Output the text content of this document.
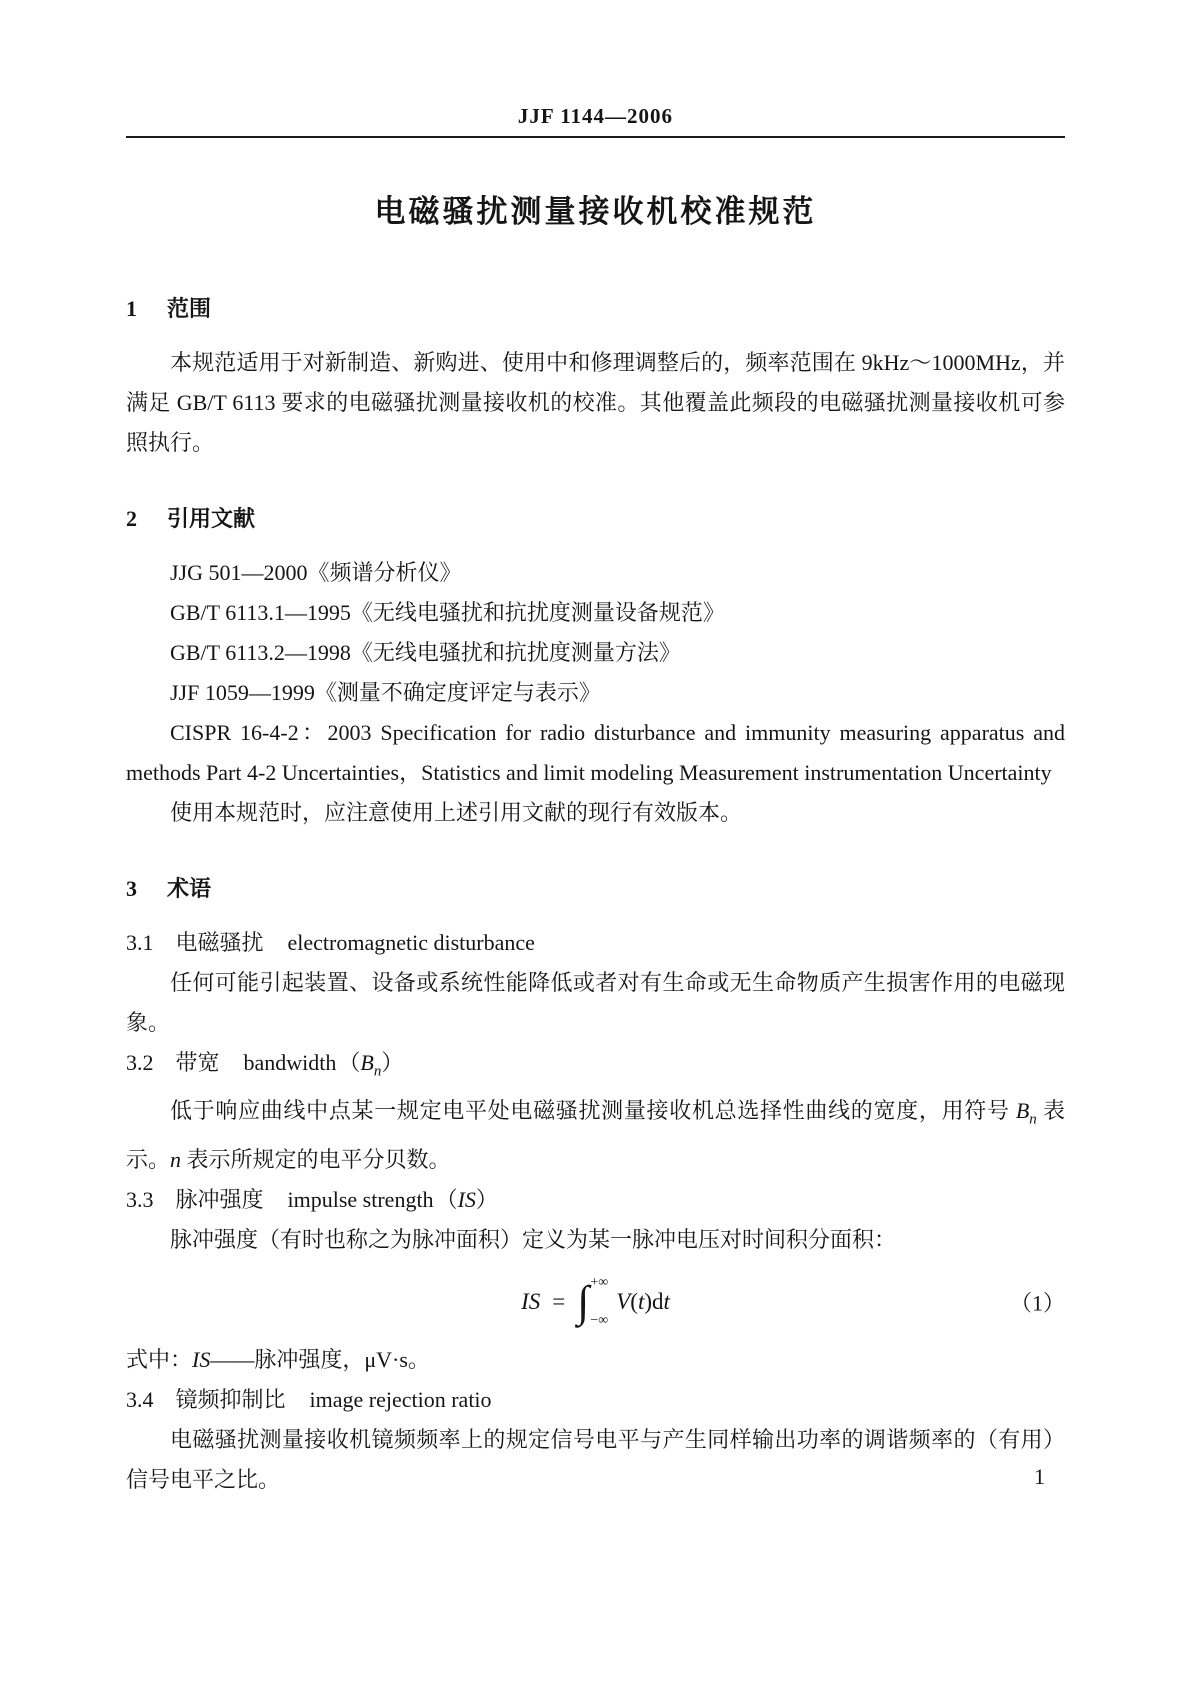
JJF 1144—2006
电磁骚扰测量接收机校准规范
1 范围

本规范适用于对新制造、新购进、使用中和修理调整后的，频率范围在 9kHz～1000MHz，并满足 GB/T 6113 要求的电磁骚扰测量接收机的校准。其他覆盖此频段的电磁骚扰测量接收机可参照执行。

2 引用文献

JJG 501—2000《频谱分析仪》

GB/T 6113.1—1995《无线电骚扰和抗扰度测量设备规范》

GB/T 6113.2—1998《无线电骚扰和抗扰度测量方法》

JJF 1059—1999《测量不确定度评定与表示》

CISPR 16-4-2：2003 Specification for radio disturbance and immunity measuring apparatus and methods Part 4-2 Uncertainties，Statistics and limit modeling Measurement instrumentation Uncertainty

使用本规范时，应注意使用上述引用文献的现行有效版本。

3 术语

3.1 电磁骚扰 electromagnetic disturbance

任何可能引起装置、设备或系统性能降低或者对有生命或无生命物质产生损害作用的电磁现象。

3.2 带宽 $bandwidth(B_n)$

低于响应曲线中点某一规定电平处电磁骚扰测量接收机总选择性曲线的宽度，用符号 $B_n$ 表示。n 表示所规定的电平分贝数。

3.3 脉冲强度 impulse strength（IS）

脉冲强度（有时也称之为脉冲面积）定义为某一脉冲电压对时间积分面积：

IS = ∫ +∞
−∞
V ( t )d t	（1）

式中：IS——脉冲强度，μV·s。

3.4 镜频抑制比 image rejection ratio

电磁骚扰测量接收机镜频频率上的规定信号电平与产生同样输出功率的调谐频率的（有用）信号电平之比。	1
